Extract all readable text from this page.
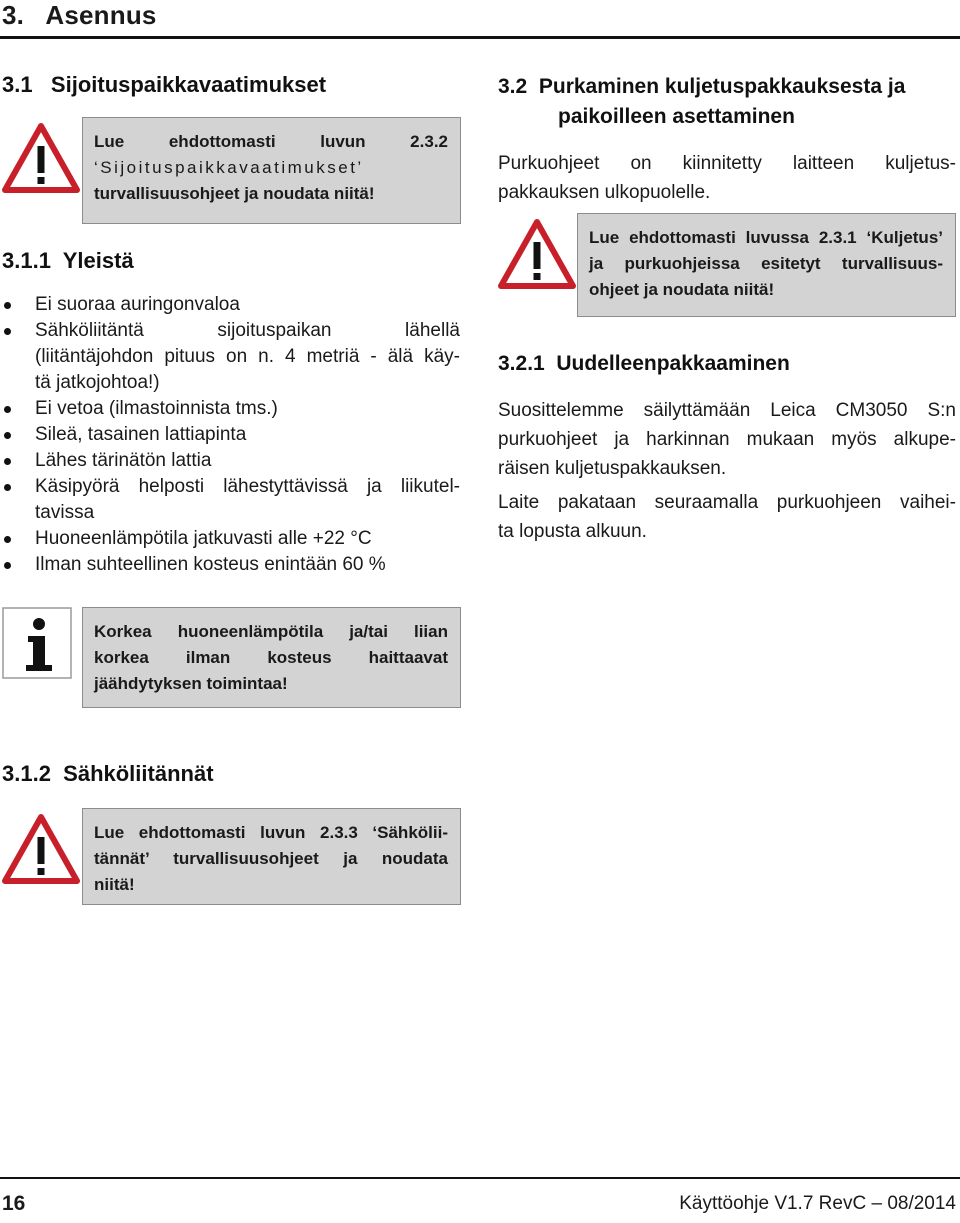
3.   Asennus
3.1   Sijoituspaikkavaatimukset
Lue ehdottomasti luvun 2.3.2
‘Sijoituspaikkavaatimukset’
turvallisuusohjeet ja noudata niitä!
3.1.1  Yleistä
Ei suoraa auringonvaloa
Sähköliitäntä sijoituspaikan lähellä
(liitäntäjohdon pituus on n. 4 metriä - älä käy-
tä jatkojohtoa!)
Ei vetoa (ilmastoinnista tms.)
Sileä, tasainen lattiapinta
Lähes tärinätön lattia
Käsipyörä helposti lähestyttävissä ja liikutel-
tavissa
Huoneenlämpötila jatkuvasti alle +22 °C
Ilman suhteellinen kosteus enintään 60 %
Korkea huoneenlämpötila ja/tai liian
korkea ilman kosteus haittaavat
jäähdytyksen toimintaa!
3.1.2  Sähköliitännät
Lue ehdottomasti luvun 2.3.3 ‘Sähkölii-
tännät’ turvallisuusohjeet ja noudata
niitä!
3.2  Purkaminen kuljetuspakkauksesta ja
paikoilleen asettaminen
Purkuohjeet on kiinnitetty laitteen kuljetus-
pakkauksen ulkopuolelle.
Lue ehdottomasti luvussa 2.3.1 ‘Kuljetus’
ja purkuohjeissa esitetyt turvallisuus-
ohjeet ja noudata niitä!
3.2.1  Uudelleenpakkaaminen
Suosittelemme säilyttämään Leica CM3050 S:n
purkuohjeet ja harkinnan mukaan myös alkupe-
räisen kuljetuspakkauksen.
Laite pakataan seuraamalla purkuohjeen vaihei-
ta lopusta alkuun.
16	Käyttöohje V1.7 RevC – 08/2014
